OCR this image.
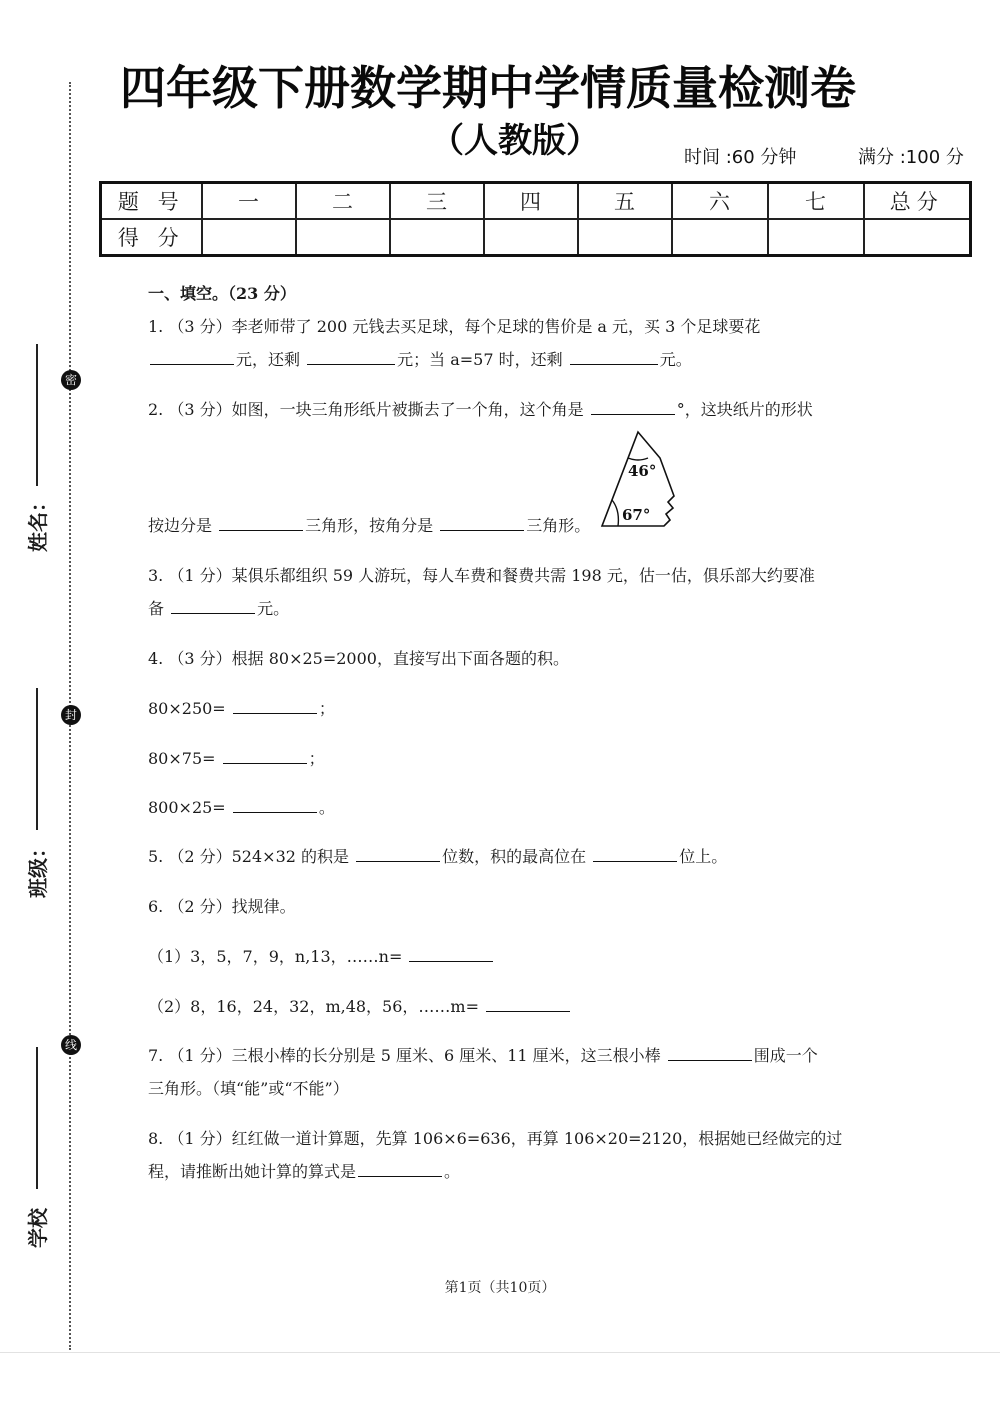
密
封
线
姓名：
班级：
学校
四年级下册数学期中学情质量检测卷
（人教版）	时间 :60 分钟	满分 :100 分
题 号	一	二	三	四	五	六	七	总分
得 分								
一、填空。（23 分）
1. （3 分）李老师带了 200 元钱去买足球，每个足球的售价是 a 元，买 3 个足球要花
元，还剩	元；当 a=57 时，还剩	元。
2. （3 分）如图，一块三角形纸片被撕去了一个角，这个角是	°，这块纸片的形状
按边分是	三角形，按角分是	三角形。
3. （1 分）某俱乐都组织 59 人游玩，每人车费和餐费共需 198 元，估一估，俱乐部大约要准
备	元。
4. （3 分）根据 80×25=2000，直接写出下面各题的积。
80×250=	；
80×75=	；
800×25=	。
5. （2 分）524×32 的积是	位数，积的最高位在	位上。
6. （2 分）找规律。
（1）3，5，7，9，n,13，……n=
（2）8，16，24，32，m,48，56，……m=
7. （1 分）三根小棒的长分别是 5 厘米、6 厘米、11 厘米，这三根小棒	围成一个
三角形。（填“能”或“不能”）
8. （1 分）红红做一道计算题，先算 106×6=636，再算 106×20=2120，根据她已经做完的过
程，请推断出她计算的算式是	。
46°
67°
第1页（共10页）
